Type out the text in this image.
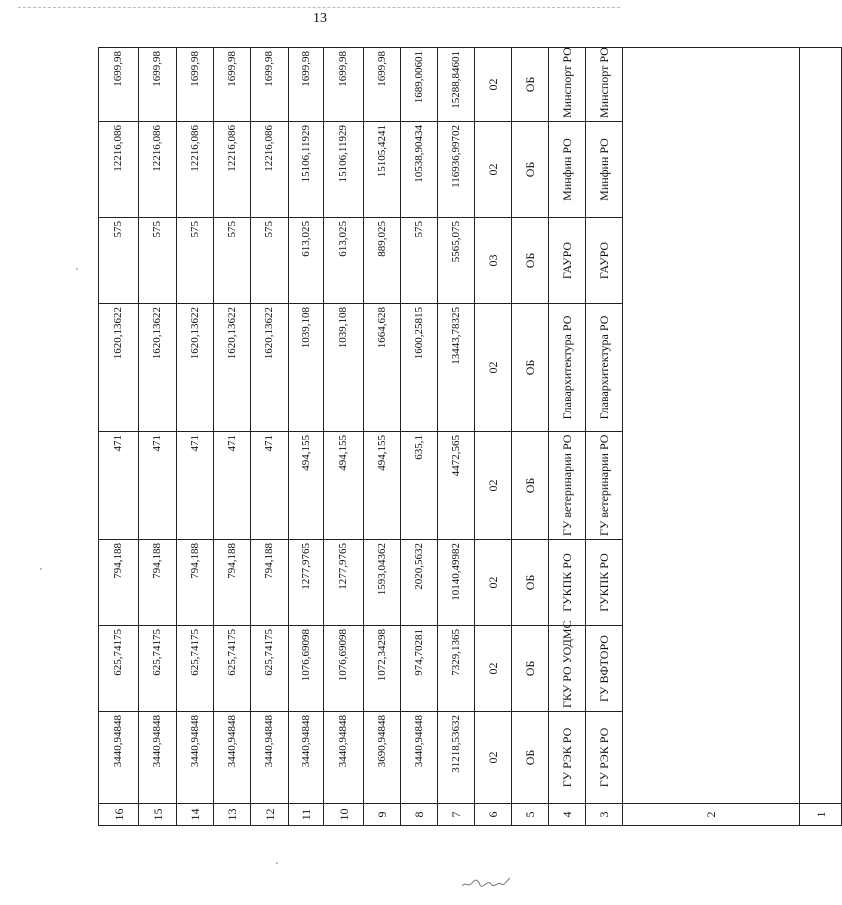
13
16	3440,94848	625,74175	794,188	471	1620,13622	575	12216,086	1699,98
15	3440,94848	625,74175	794,188	471	1620,13622	575	12216,086	1699,98
14	3440,94848	625,74175	794,188	471	1620,13622	575	12216,086	1699,98
13	3440,94848	625,74175	794,188	471	1620,13622	575	12216,086	1699,98
12	3440,94848	625,74175	794,188	471	1620,13622	575	12216,086	1699,98
11	3440,94848	1076,69098	1277,9765	494,155	1039,108	613,025	15106,11929	1699,98
10	3440,94848	1076,69098	1277,9765	494,155	1039,108	613,025	15106,11929	1699,98
9	3690,94848	1072,34298	1593,04362	494,155	1664,628	889,025	15105,4241	1699,98
8	3440,94848	974,70281	2020,5632	635,1	1600,25815	575	10538,90434	1689,00601
7	31218,53632	7329,1365	10140,49982	4472,565	13443,78325	5565,075	116936,99702	15288,84601
6	02	02	02	02	02	03	02	02
5	ОБ	ОБ	ОБ	ОБ	ОБ	ОБ	ОБ	ОБ
4	ГУ РЭК РО	ГКУ РО УОДМС	ГУКПК РО	ГУ ветеринарии РО	Главархитектура РО	ГАУРО	Минфин РО	Минспорт РО
3	ГУ РЭК РО	ГУ ВФТОРО	ГУКПК РО	ГУ ветеринарии РО	Главархитектура РО	ГАУРО	Минфин РО	Минспорт РО
2								
1								
